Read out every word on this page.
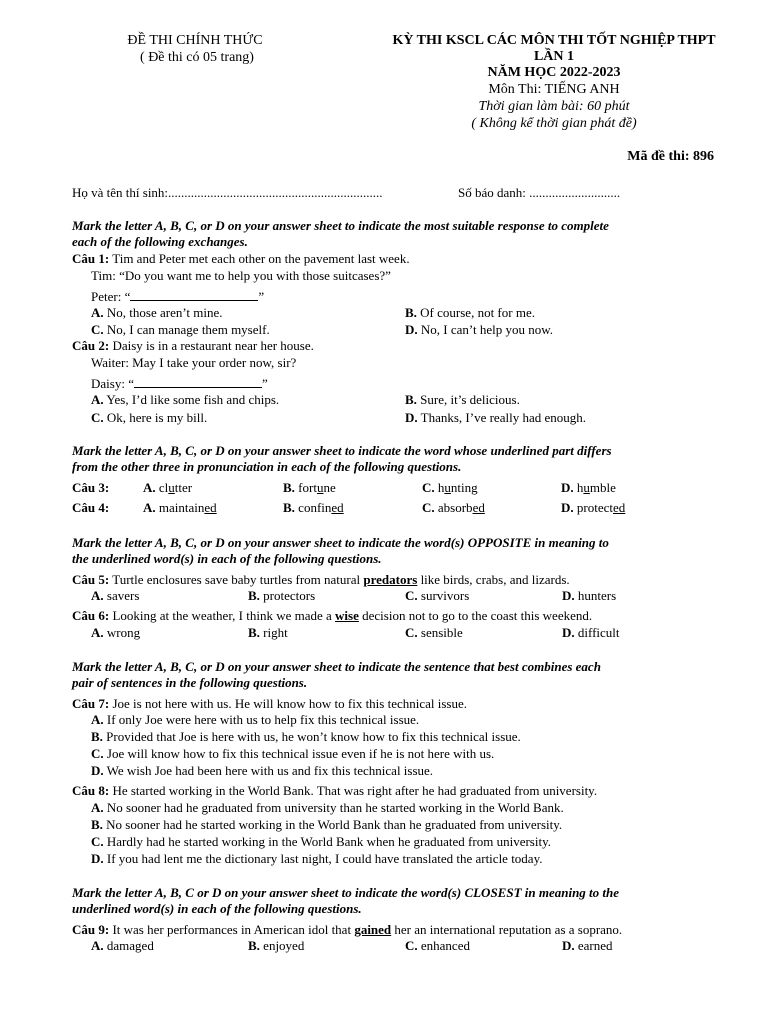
ĐỀ THI CHÍNH THỨC
( Đề thi có 05 trang)
KỲ THI KSCL CÁC MÔN THI TỐT NGHIỆP THPT
LẦN 1
NĂM HỌC 2022-2023
Môn Thi: TIẾNG ANH
Thời gian làm bài: 60 phút
( Không kể thời gian phát đề)
Mã đề thi: 896
Họ và tên thí sinh:..................................................................	Số báo danh: ............................
Mark the letter A, B, C, or D on your answer sheet to indicate the most suitable response to complete
each of the following exchanges.
Câu 1: Tim and Peter met each other on the pavement last week.
Tim: “Do you want me to help you with those suitcases?”
Peter: “	”
A. No, those aren’t mine.	B. Of course, not for me.
C. No, I can manage them myself.	D. No, I can’t help you now.
Câu 2: Daisy is in a restaurant near her house.
Waiter: May I take your order now, sir?
Daisy: “	”
A. Yes, I’d like some fish and chips.	B. Sure, it’s delicious.
C. Ok, here is my bill.	D. Thanks, I’ve really had enough.
Mark the letter A, B, C, or D on your answer sheet to indicate the word whose underlined part differs
from the other three in pronunciation in each of the following questions.
Câu 3:	A. clutter	B. fortune	C. hunting	D. humble
Câu 4:	A. maintained	B. confined	C. absorbed	D. protected
Mark the letter A, B, C, or D on your answer sheet to indicate the word(s) OPPOSITE in meaning to
the underlined word(s) in each of the following questions.
Câu 5: Turtle enclosures save baby turtles from natural predators like birds, crabs, and lizards.
A. savers	B. protectors	C. survivors	D. hunters
Câu 6: Looking at the weather, I think we made a wise decision not to go to the coast this weekend.
A. wrong	B. right	C. sensible	D. difficult
Mark the letter A, B, C, or D on your answer sheet to indicate the sentence that best combines each
pair of sentences in the following questions.
Câu 7: Joe is not here with us. He will know how to fix this technical issue.
A. If only Joe were here with us to help fix this technical issue.
B. Provided that Joe is here with us, he won’t know how to fix this technical issue.
C. Joe will know how to fix this technical issue even if he is not here with us.
D. We wish Joe had been here with us and fix this technical issue.
Câu 8: He started working in the World Bank. That was right after he had graduated from university.
A. No sooner had he graduated from university than he started working in the World Bank.
B. No sooner had he started working in the World Bank than he graduated from university.
C. Hardly had he started working in the World Bank when he graduated from university.
D. If you had lent me the dictionary last night, I could have translated the article today.
Mark the letter A, B, C or D on your answer sheet to indicate the word(s) CLOSEST in meaning to the
underlined word(s) in each of the following questions.
Câu 9: It was her performances in American idol that gained her an international reputation as a soprano.
A. damaged	B. enjoyed	C. enhanced	D. earned
